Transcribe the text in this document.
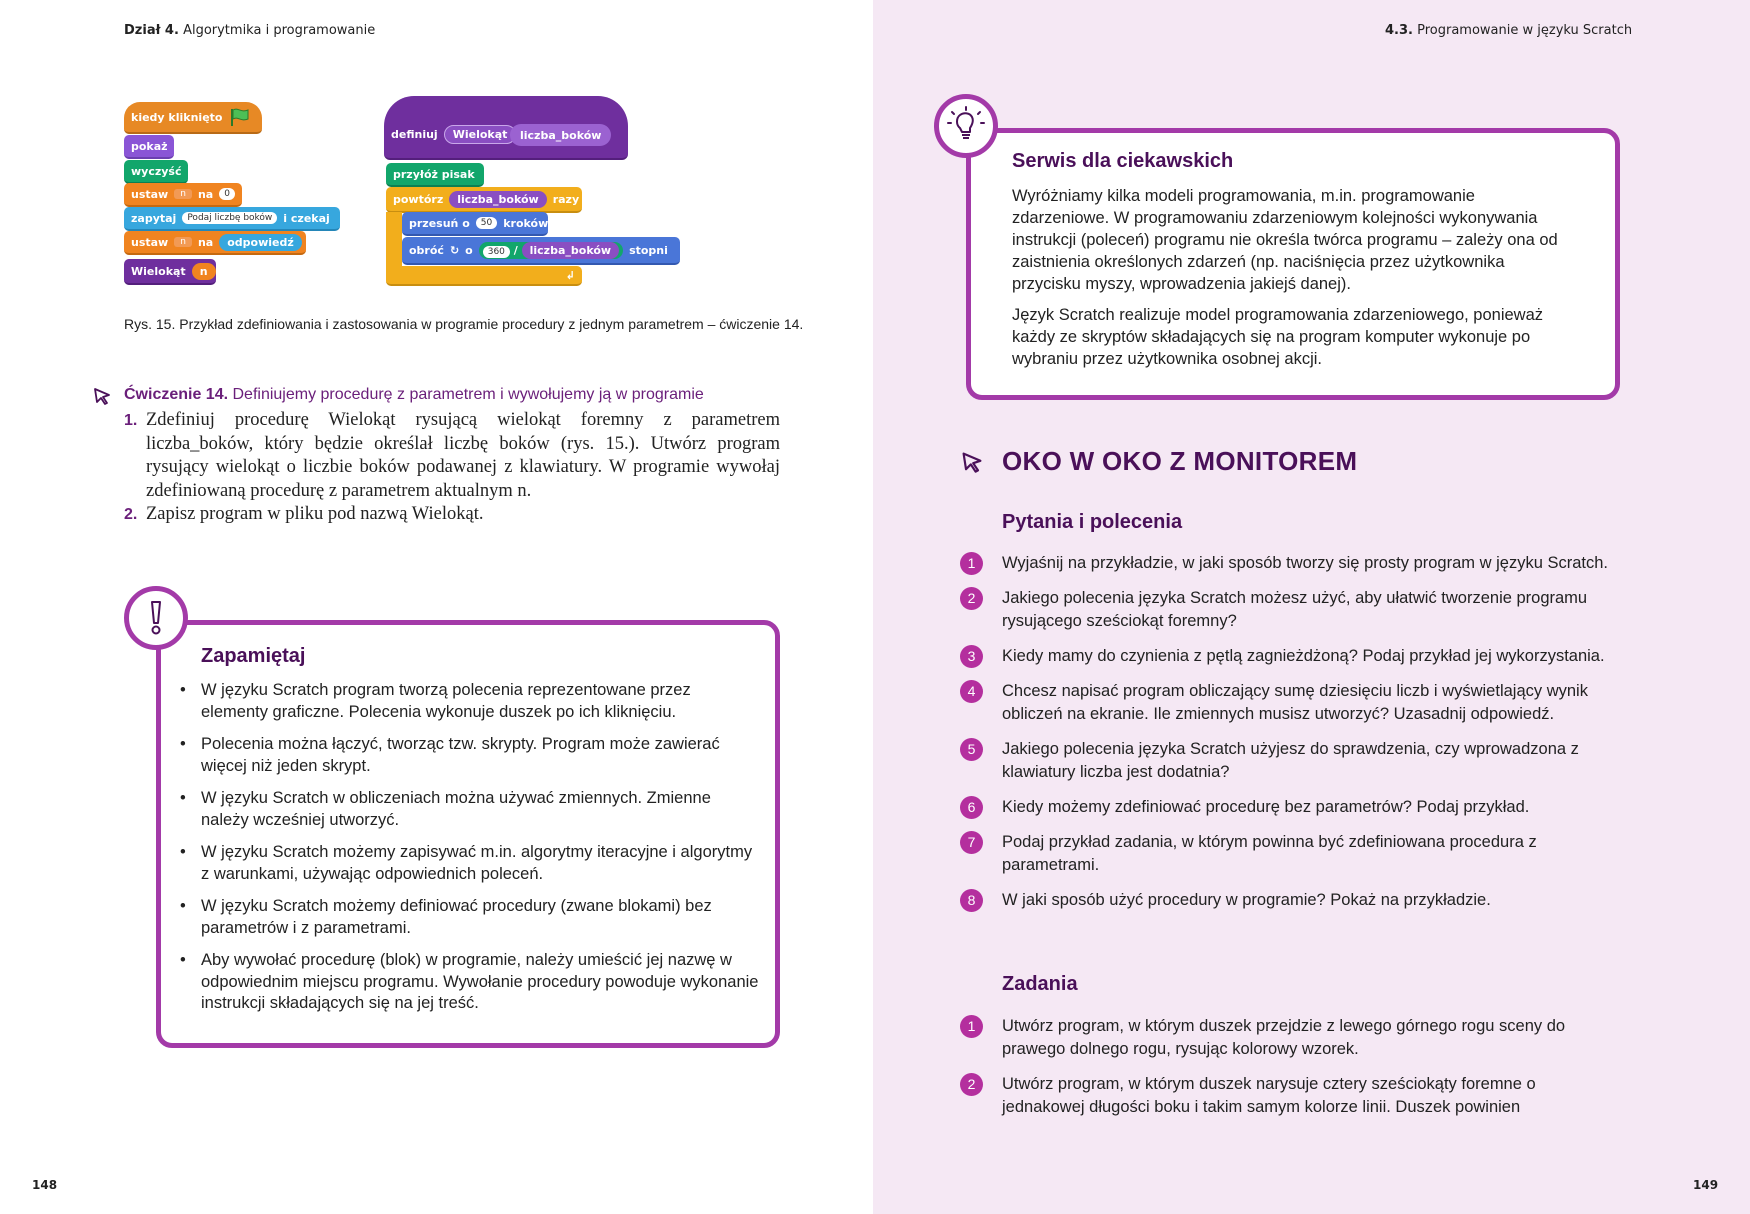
Dział 4. Algorytmika i programowanie
kiedy kliknięto
pokaż
wyczyść
ustaw	n	na	0
zapytaj	Podaj liczbę boków	i czekaj
ustaw	n	na	odpowiedź
Wielokąt	n
definiuj	Wielokąt	liczba_boków
przyłóż pisak
powtórz	liczba_boków	razy
przesuń o	50	kroków
obróć ↻ o	360 / liczba_boków	stopni
↲
Rys. 15. Przykład zdefiniowania i zastosowania w programie procedury z jednym parametrem – ćwiczenie 14.
Ćwiczenie 14. Definiujemy procedurę z parametrem i wywołujemy ją w programie
1. Zdefiniuj procedurę Wielokąt rysującą wielokąt foremny z parametrem liczba_boków, który będzie określał liczbę boków (rys. 15.). Utwórz program rysujący wielokąt o liczbie boków podawanej z klawiatury. W programie wywołaj zdefiniowaną procedurę z parametrem aktualnym n.
2. Zapisz program w pliku pod nazwą Wielokąt.
Zapamiętaj
• W języku Scratch program tworzą polecenia reprezentowane przez elementy graficzne. Polecenia wykonuje duszek po ich kliknięciu.
• Polecenia można łączyć, tworząc tzw. skrypty. Program może zawierać więcej niż jeden skrypt.
• W języku Scratch w obliczeniach można używać zmiennych. Zmienne należy wcześniej utworzyć.
• W języku Scratch możemy zapisywać m.in. algorytmy iteracyjne i algorytmy z warunkami, używając odpowiednich poleceń.
• W języku Scratch możemy definiować procedury (zwane blokami) bez parametrów i z parametrami.
• Aby wywołać procedurę (blok) w programie, należy umieścić jej nazwę w odpowiednim miejscu programu. Wywołanie procedury powoduje wykonanie instrukcji składających się na jej treść.
148
4.3. Programowanie w języku Scratch
Serwis dla ciekawskich

Wyróżniamy kilka modeli programowania, m.in. programowanie zdarzeniowe. W programowaniu zdarzeniowym kolejności wykonywania instrukcji (poleceń) programu nie określa twórca programu – zależy ona od zaistnienia określonych zdarzeń (np. naciśnięcia przez użytkownika przycisku myszy, wprowadzenia jakiejś danej).

Język Scratch realizuje model programowania zdarzeniowego, ponieważ każdy ze skryptów składających się na program komputer wykonuje po wybraniu przez użytkownika osobnej akcji.

OKO W OKO Z MONITOREM
Pytania i polecenia
1	Wyjaśnij na przykładzie, w jaki sposób tworzy się prosty program w języku Scratch.
2	Jakiego polecenia języka Scratch możesz użyć, aby ułatwić tworzenie programu rysującego sześciokąt foremny?
3	Kiedy mamy do czynienia z pętlą zagnieżdżoną? Podaj przykład jej wykorzystania.
4	Chcesz napisać program obliczający sumę dziesięciu liczb i wyświetlający wynik obliczeń na ekranie. Ile zmiennych musisz utworzyć? Uzasadnij odpowiedź.
5	Jakiego polecenia języka Scratch użyjesz do sprawdzenia, czy wprowadzona z klawiatury liczba jest dodatnia?
6	Kiedy możemy zdefiniować procedurę bez parametrów? Podaj przykład.
7	Podaj przykład zadania, w którym powinna być zdefiniowana procedura z parametrami.
8	W jaki sposób użyć procedury w programie? Pokaż na przykładzie.
Zadania
1	Utwórz program, w którym duszek przejdzie z lewego górnego rogu sceny do prawego dolnego rogu, rysując kolorowy wzorek.
2	Utwórz program, w którym duszek narysuje cztery sześciokąty foremne o jednakowej długości boku i takim samym kolorze linii. Duszek powinien
149
